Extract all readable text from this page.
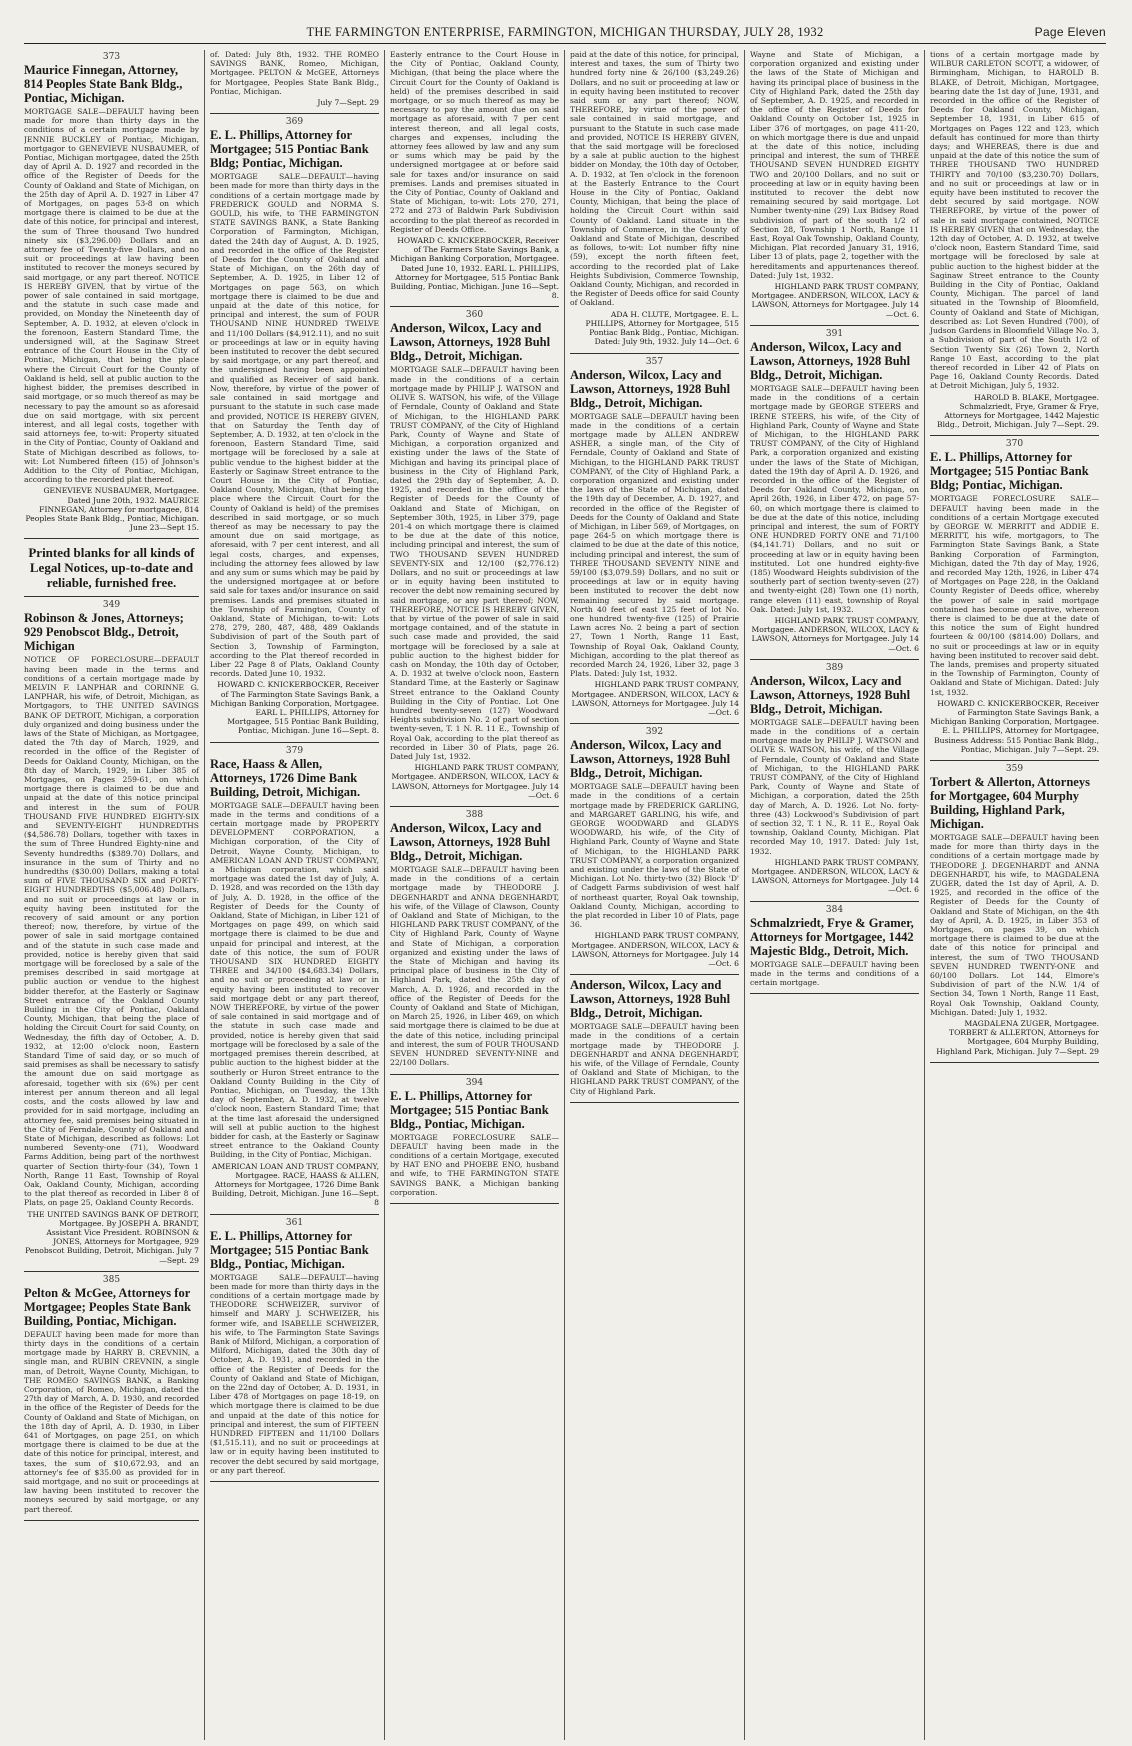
THE FARMINGTON ENTERPRISE, FARMINGTON, MICHIGAN THURSDAY, JULY 28, 1932	Page Eleven
373
Maurice Finnegan, Attorney, 814 Peoples State Bank Bldg., Pontiac, Michigan.
MORTGAGE SALE—DEFAULT having been made for more than thirty days in the conditions of a certain mortgage made by JENNIE BUCKLEY of Pontiac, Michigan, mortgagor to GENEVIEVE NUSBAUMER, of Pontiac, Michigan mortgagee, dated the 25th day of April A. D. 1927 and recorded in the office of the Register of Deeds for the County of Oakland and State of Michigan, on the 25th day of April A. D. 1927 in Liber 47 of Mortgages, on pages 53-8 on which mortgage there is claimed to be due at the date of this notice, for principal and interest, the sum of Three thousand Two hundred ninety six ($3,296.00) Dollars and an attorney fee of Twenty-five Dollars, and no suit or proceedings at law having been instituted to recover the moneys secured by said mortgage, or any part thereof. NOTICE IS HEREBY GIVEN, that by virtue of the power of sale contained in said mortgage, and the statute in such case made and provided, on Monday the Nineteenth day of September, A. D. 1932, at eleven o'clock in the forenoon, Eastern Standard Time, the undersigned will, at the Saginaw Street entrance of the Court House in the City of Pontiac, Michigan, that being the place where the Circuit Court for the County of Oakland is held, sell at public auction to the highest bidder, the premises described in said mortgage, or so much thereof as may be necessary to pay the amount so as aforesaid due on said mortgage, with six percent interest, and all legal costs, together with said attorneys fee, to-wit: Property situated in the City of Pontiac, County of Oakland and State of Michigan described as follows, to-wit: Lot Numbered fifteen (15) of Johnson's Addition to the City of Pontiac, Michigan, according to the recorded plat thereof.
GENEVIEVE NUSBAUMER, Mortgagee. Dated June 20th, 1932. MAURICE FINNEGAN, Attorney for mortgagee, 814 Peoples State Bank Bldg., Pontiac, Michigan. June 23—Sept 15.
Printed blanks for all kinds of Legal Notices, up-to-date and reliable, furnished free.
349
Robinson & Jones, Attorneys; 929 Penobscot Bldg., Detroit, Michigan
NOTICE OF FORECLOSURE—DEFAULT having been made in the terms and conditions of a certain mortgage made by MELVIN F. LANPHAR and CORINNE G. LANPHAR, his wife, of Detroit, Michigan, as Mortgagors, to THE UNITED SAVINGS BANK OF DETROIT, Michigan, a corporation duly organized and doing business under the laws of the State of Michigan, as Mortgagee, dated the 7th day of March, 1929, and recorded in the office of the Register of Deeds for Oakland County, Michigan, on the 8th day of March, 1929, in Liber 385 of Mortgages, on Pages 259-61, on which mortgage there is claimed to be due and unpaid at the date of this notice principal and interest in the sum of FOUR THOUSAND FIVE HUNDRED EIGHTY-SIX and SEVENTY-EIGHT HUNDREDTHS ($4,586.78) Dollars, together with taxes in the sum of Three Hundred Eighty-nine and Seventy hundredths ($389.70) Dollars, and insurance in the sum of Thirty and no hundredths ($30.00) Dollars, making a total sum of FIVE THOUSAND SIX and FORTY-EIGHT HUNDREDTHS ($5,006.48) Dollars, and no suit or proceedings at law or in equity having been instituted for the recovery of said amount or any portion thereof; now, therefore, by virtue of the power of sale in said mortgage contained and of the statute in such case made and provided, notice is hereby given that said mortgage will be foreclosed by a sale of the premises described in said mortgage at public auction or vendue to the highest bidder therefor, at the Easterly or Saginaw Street entrance of the Oakland County Building in the City of Pontiac, Oakland County, Michigan, that being the place of holding the Circuit Court for said County, on Wednesday, the fifth day of October, A. D. 1932, at 12:00 o'clock noon, Eastern Standard Time of said day, or so much of said premises as shall be necessary to satisfy the amount due on said mortgage as aforesaid, together with six (6%) per cent interest per annum thereon and all legal costs, and the costs allowed by law and provided for in said mortgage, including an attorney fee, said premises being situated in the City of Ferndale, County of Oakland and State of Michigan, described as follows: Lot numbered Seventy-one (71), Woodward Farms Addition, being part of the northwest quarter of Section thirty-four (34), Town 1 North, Range 11 East, Township of Royal Oak, Oakland County, Michigan, according to the plat thereof as recorded in Liber 8 of Plats, on page 25, Oakland County Records.
THE UNITED SAVINGS BANK OF DETROIT, Mortgagee. By JOSEPH A. BRANDT, Assistant Vice President. ROBINSON & JONES, Attorneys for Mortgagee, 929 Penobscot Building, Detroit, Michigan. July 7—Sept. 29
385
Pelton & McGee, Attorneys for Mortgagee; Peoples State Bank Building, Pontiac, Michigan.
DEFAULT having been made for more than thirty days in the conditions of a certain mortgage made by HARRY B. CREVNIN, a single man, and RUBIN CREVNIN, a single man, of Detroit, Wayne County, Michigan, to THE ROMEO SAVINGS BANK, a Banking Corporation, of Romeo, Michigan, dated the 27th day of March, A. D. 1930, and recorded in the office of the Register of Deeds for the County of Oakland and State of Michigan, on the 18th day of April, A. D. 1930, in Liber 641 of Mortgages, on page 251, on which mortgage there is claimed to be due at the date of this notice for principal, interest, and taxes, the sum of $10,672.93, and an attorney's fee of $35.00 as provided for in said mortgage, and no suit or proceedings at law having been instituted to recover the moneys secured by said mortgage, or any part thereof.
of. Dated: July 8th, 1932. THE ROMEO SAVINGS BANK, Romeo, Michigan, Mortgagee. PELTON & McGEE, Attorneys for Mortgagee, Peoples State Bank Bldg., Pontiac, Michigan.
July 7—Sept. 29
369
E. L. Phillips, Attorney for Mortgagee; 515 Pontiac Bank Bldg; Pontiac, Michigan.
MORTGAGE SALE—DEFAULT—having been made for more than thirty days in the conditions of a certain mortgage made by FREDERICK GOULD and NORMA S. GOULD, his wife, to THE FARMINGTON STATE SAVINGS BANK, a State Banking Corporation of Farmington, Michigan, dated the 24th day of August, A. D. 1925, and recorded in the office of the Register of Deeds for the County of Oakland and State of Michigan, on the 26th day of September, A. D. 1925, in Liber 12 of Mortgages on page 563, on which mortgage there is claimed to be due and unpaid at the date of this notice, for principal and interest, the sum of FOUR THOUSAND NINE HUNDRED TWELVE and 11/100 Dollars ($4,912.11), and no suit or proceedings at law or in equity having been instituted to recover the debt secured by said mortgage, or any part thereof, and the undersigned having been appointed and qualified as Receiver of said bank. Now, therefore, by virtue of the power of sale contained in said mortgage and pursuant to the statute in such case made and provided, NOTICE IS HEREBY GIVEN, that on Saturday the Tenth day of September, A. D. 1932, at ten o'clock in the forenoon, Eastern Standard Time, said mortgage will be foreclosed by a sale at public vendue to the highest bidder at the Easterly or Saginaw Street entrance to the Court House in the City of Pontiac, Oakland County, Michigan, (that being the place where the Circuit Court for the County of Oakland is held) of the premises described in said mortgage, or so much thereof as may be necessary to pay the amount due on said mortgage, as aforesaid, with 7 per cent interest, and all legal costs, charges, and expenses, including the attorney fees allowed by law and any sum or sums which may be paid by the undersigned mortgagee at or before said sale for taxes and/or insurance on said premises. Lands and premises situated in the Township of Farmington, County of Oakland, State of Michigan, to-wit: Lots 278, 279, 280, 487, 488, 489 Oaklands Subdivision of part of the South part of Section 3, Township of Farmington, according to the Plat thereof recorded in Liber 22 Page 8 of Plats, Oakland County records. Dated June 10, 1932.
HOWARD C. KNICKERBOCKER, Receiver of The Farmington State Savings Bank, a Michigan Banking Corporation, Mortgagee. EARL L. PHILLIPS, Attorney for Mortgagee, 515 Pontiac Bank Building, Pontiac, Michigan. June 16—Sept. 8.
379
Race, Haass & Allen, Attorneys, 1726 Dime Bank Building, Detroit, Michigan.
MORTGAGE SALE—DEFAULT having been made in the terms and conditions of a certain mortgage made by PROPERTY DEVELOPMENT CORPORATION, a Michigan corporation, of the City of Detroit, Wayne County, Michigan, to AMERICAN LOAN AND TRUST COMPANY, a Michigan corporation, which said mortgage was dated the 1st day of July, A. D. 1928, and was recorded on the 13th day of July, A. D. 1928, in the office of the Register of Deeds for the County of Oakland, State of Michigan, in Liber 121 of Mortgages on page 499, on which said mortgage there is claimed to be due and unpaid for principal and interest, at the date of this notice, the sum of FOUR THOUSAND SIX HUNDRED EIGHTY THREE and 34/100 ($4,683.34) Dollars, and no suit or proceeding at law or in equity having been instituted to recover said mortgage debt or any part thereof, NOW THEREFORE, by virtue of the power of sale contained in said mortgage and of the statute in such case made and provided, notice is hereby given that said mortgage will be foreclosed by a sale of the mortgaged premises therein described, at public auction to the highest bidder at the southerly or Huron Street entrance to the Oakland County Building in the City of Pontiac, Michigan, on Tuesday, the 13th day of September, A. D. 1932, at twelve o'clock noon, Eastern Standard Time; that at the time last aforesaid the undersigned will sell at public auction to the highest bidder for cash, at the Easterly or Saginaw street entrance to the Oakland County Building, in the City of Pontiac, Michigan.
AMERICAN LOAN AND TRUST COMPANY, Mortgagee. RACE, HAASS & ALLEN, Attorneys for Mortgagee, 1726 Dime Bank Building, Detroit, Michigan. June 16—Sept. 8
361
E. L. Phillips, Attorney for Mortgagee; 515 Pontiac Bank Bldg., Pontiac, Michigan.
MORTGAGE SALE—DEFAULT—having been made for more than thirty days in the conditions of a certain mortgage made by THEODORE SCHWEIZER, survivor of himself and MARY J. SCHWEIZER, his former wife, and ISABELLE SCHWEIZER, his wife, to The Farmington State Savings Bank of Milford, Michigan, a corporation of Milford, Michigan, dated the 30th day of October, A. D. 1931, and recorded in the office of the Register of Deeds for the County of Oakland and State of Michigan, on the 22nd day of October, A. D. 1931, in Liber 478 of Mortgages on page 18-19, on which mortgage there is claimed to be due and unpaid at the date of this notice for principal and interest, the sum of FIFTEEN HUNDRED FIFTEEN and 11/100 Dollars ($1,515.11), and no suit or proceedings at law or in equity having been instituted to recover the debt secured by said mortgage, or any part thereof.
Easterly entrance to the Court House in the City of Pontiac, Oakland County, Michigan, (that being the place where the Circuit Court for the County of Oakland is held) of the premises described in said mortgage, or so much thereof as may be necessary to pay the amount due on said mortgage as aforesaid, with 7 per cent interest thereon, and all legal costs, charges and expenses, including the attorney fees allowed by law and any sum or sums which may be paid by the undersigned mortgagee at or before said sale for taxes and/or insurance on said premises. Lands and premises situated in the City of Pontiac, County of Oakland and State of Michigan, to-wit: Lots 270, 271, 272 and 273 of Baldwin Park Subdivision according to the plat thereof as recorded in Register of Deeds Office.
HOWARD C. KNICKERBOCKER, Receiver of The Farmers State Savings Bank, a Michigan Banking Corporation, Mortgagee. Dated June 10, 1932. EARL L. PHILLIPS, Attorney for Mortgagee, 515 Pontiac Bank Building, Pontiac, Michigan. June 16—Sept. 8.
360
Anderson, Wilcox, Lacy and Lawson, Attorneys, 1928 Buhl Bldg., Detroit, Michigan.
MORTGAGE SALE—DEFAULT having been made in the conditions of a certain mortgage made by PHILIP J. WATSON and OLIVE S. WATSON, his wife, of the Village of Ferndale, County of Oakland and State of Michigan, to the HIGHLAND PARK TRUST COMPANY, of the City of Highland Park, County of Wayne and State of Michigan, a corporation organized and existing under the laws of the State of Michigan and having its principal place of business in the City of Highland Park, dated the 29th day of September, A. D. 1925, and recorded in the office of the Register of Deeds for the County of Oakland and State of Michigan, on September 30th, 1925, in Liber 379, page 201-4 on which mortgage there is claimed to be due at the date of this notice, including principal and interest, the sum of TWO THOUSAND SEVEN HUNDRED SEVENTY-SIX and 12/100 ($2,776.12) Dollars, and no suit or proceedings at law or in equity having been instituted to recover the debt now remaining secured by said mortgage, or any part thereof; NOW, THEREFORE, NOTICE IS HEREBY GIVEN, that by virtue of the power of sale in said mortgage contained, and of the statute in such case made and provided, the said mortgage will be foreclosed by a sale at public auction to the highest bidder for cash on Monday, the 10th day of October, A. D. 1932 at twelve o'clock noon, Eastern Standard Time, at the Easterly or Saginaw Street entrance to the Oakland County Building in the City of Pontiac. Lot One hundred twenty-seven (127) Woodward Heights subdivision No. 2 of part of section twenty-seven, T. 1 N. R. 11 E., Township of Royal Oak, according to the plat thereof as recorded in Liber 30 of Plats, page 26. Dated July 1st, 1932.
HIGHLAND PARK TRUST COMPANY, Mortgagee. ANDERSON, WILCOX, LACY & LAWSON, Attorneys for Mortgagee. July 14—Oct. 6
388
Anderson, Wilcox, Lacy and Lawson, Attorneys, 1928 Buhl Bldg., Detroit, Michigan.
MORTGAGE SALE—DEFAULT having been made in the conditions of a certain mortgage made by THEODORE J. DEGENHARDT and ANNA DEGENHARDT, his wife, of the Village of Clawson, County of Oakland and State of Michigan, to the HIGHLAND PARK TRUST COMPANY, of the City of Highland Park, County of Wayne and State of Michigan, a corporation organized and existing under the laws of the State of Michigan and having its principal place of business in the City of Highland Park, dated the 25th day of March, A. D. 1926, and recorded in the office of the Register of Deeds for the County of Oakland and State of Michigan, on March 25, 1926, in Liber 469, on which said mortgage there is claimed to be due at the date of this notice, including principal and interest, the sum of FOUR THOUSAND SEVEN HUNDRED SEVENTY-NINE and 22/100 Dollars.
394
E. L. Phillips, Attorney for Mortgagee; 515 Pontiac Bank Bldg., Pontiac, Michigan.
MORTGAGE FORECLOSURE SALE—DEFAULT having been made in the conditions of a certain Mortgage, executed by HAT ENO and PHOEBE ENO, husband and wife, to THE FARMINGTON STATE SAVINGS BANK, a Michigan banking corporation.
paid at the date of this notice, for principal, interest and taxes, the sum of Thirty two hundred forty nine & 26/100 ($3,249.26) Dollars, and no suit or proceeding at law or in equity having been instituted to recover said sum or any part thereof; NOW, THEREFORE, by virtue of the power of sale contained in said mortgage, and pursuant to the Statute in such case made and provided, NOTICE IS HEREBY GIVEN, that the said mortgage will be foreclosed by a sale at public auction to the highest bidder on Monday, the 10th day of October, A. D. 1932, at Ten o'clock in the forenoon at the Easterly Entrance to the Court House in the City of Pontiac, Oakland County, Michigan, that being the place of holding the Circuit Court within said County of Oakland. Land situate in the Township of Commerce, in the County of Oakland and State of Michigan, described as follows, to-wit: Lot number fifty nine (59), except the north fifteen feet, according to the recorded plat of Lake Heights Subdivision, Commerce Township, Oakland County, Michigan, and recorded in the Register of Deeds office for said County of Oakland.
ADA H. CLUTE, Mortgagee. E. L. PHILLIPS, Attorney for Mortgagee, 515 Pontiac Bank Bldg., Pontiac, Michigan. Dated: July 9th, 1932. July 14—Oct. 6
357
Anderson, Wilcox, Lacy and Lawson, Attorneys, 1928 Buhl Bldg., Detroit, Michigan.
MORTGAGE SALE—DEFAULT having been made in the conditions of a certain mortgage made by ALLEN ANDREW ASHER, a single man, of the City of Ferndale, County of Oakland and State of Michigan, to the HIGHLAND PARK TRUST COMPANY, of the City of Highland Park, a corporation organized and existing under the laws of the State of Michigan, dated the 19th day of December, A. D. 1927, and recorded in the office of the Register of Deeds for the County of Oakland and State of Michigan, in Liber 569, of Mortgages, on page 264-5 on which mortgage there is claimed to be due at the date of this notice, including principal and interest, the sum of THREE THOUSAND SEVENTY NINE and 59/100 ($3,079.59) Dollars, and no suit or proceedings at law or in equity having been instituted to recover the debt now remaining secured by said mortgage. North 40 feet of east 125 feet of lot No. one hundred twenty-five (125) of Prairie Lawn acres No. 2 being a part of section 27, Town 1 North, Range 11 East, Township of Royal Oak, Oakland County, Michigan, according to the plat thereof as recorded March 24, 1926, Liber 32, page 3 Plats. Dated: July 1st, 1932.
HIGHLAND PARK TRUST COMPANY, Mortgagee. ANDERSON, WILCOX, LACY & LAWSON, Attorneys for Mortgagee. July 14—Oct. 6
392
Anderson, Wilcox, Lacy and Lawson, Attorneys, 1928 Buhl Bldg., Detroit, Michigan.
MORTGAGE SALE—DEFAULT having been made in the conditions of a certain mortgage made by FREDERICK GARLING, and MARGARET GARLING, his wife, and GEORGE WOODWARD and GLADYS WOODWARD, his wife, of the City of Highland Park, County of Wayne and State of Michigan, to the HIGHLAND PARK TRUST COMPANY, a corporation organized and existing under the laws of the State of Michigan. Lot No. thirty-two (32) Block 'D' of Cadgett Farms subdivision of west half of northeast quarter, Royal Oak township, Oakland County, Michigan, according to the plat recorded in Liber 10 of Plats, page 36.
HIGHLAND PARK TRUST COMPANY, Mortgagee. ANDERSON, WILCOX, LACY & LAWSON, Attorneys for Mortgagee. July 14—Oct. 6
Anderson, Wilcox, Lacy and Lawson, Attorneys, 1928 Buhl Bldg., Detroit, Michigan.
MORTGAGE SALE—DEFAULT having been made in the conditions of a certain mortgage made by THEODORE J. DEGENHARDT and ANNA DEGENHARDT, his wife, of the Village of Ferndale, County of Oakland and State of Michigan, to the HIGHLAND PARK TRUST COMPANY, of the City of Highland Park.
Wayne and State of Michigan, a corporation organized and existing under the laws of the State of Michigan and having its principal place of business in the City of Highland Park, dated the 25th day of September, A. D. 1925, and recorded in the office of the Register of Deeds for Oakland County on October 1st, 1925 in Liber 376 of mortgages, on page 411-20, on which mortgage there is due and unpaid at the date of this notice, including principal and interest, the sum of THREE THOUSAND SEVEN HUNDRED EIGHTY TWO and 20/100 Dollars, and no suit or proceeding at law or in equity having been instituted to recover the debt now remaining secured by said mortgage. Lot Number twenty-nine (29) Lux Bidsey Road subdivision of part of the south 1/2 of Section 28, Township 1 North, Range 11 East, Royal Oak Township, Oakland County, Michigan. Plat recorded January 31, 1916, Liber 13 of plats, page 2, together with the hereditaments and appurtenances thereof. Dated: July 1st, 1932.
HIGHLAND PARK TRUST COMPANY, Mortgagee. ANDERSON, WILCOX, LACY & LAWSON, Attorneys for Mortgagee. July 14—Oct. 6.
391
Anderson, Wilcox, Lacy and Lawson, Attorneys, 1928 Buhl Bldg., Detroit, Michigan.
MORTGAGE SALE—DEFAULT having been made in the conditions of a certain mortgage made by GEORGE STEERS and IRENE STEERS, his wife, of the City of Highland Park, County of Wayne and State of Michigan, to the HIGHLAND PARK TRUST COMPANY, of the City of Highland Park, a corporation organized and existing under the laws of the State of Michigan, dated the 19th day of April A. D. 1926, and recorded in the office of the Register of Deeds for Oakland County, Michigan, on April 26th, 1926, in Liber 472, on page 57-60, on which mortgage there is claimed to be due at the date of this notice, including principal and interest, the sum of FORTY ONE HUNDRED FORTY ONE and 71/100 ($4,141.71) Dollars, and no suit or proceeding at law or in equity having been instituted. Lot one hundred eighty-five (185) Woodward Heights subdivision of the southerly part of section twenty-seven (27) and twenty-eight (28) Town one (1) north, range eleven (11) east, township of Royal Oak. Dated: July 1st, 1932.
HIGHLAND PARK TRUST COMPANY, Mortgagee. ANDERSON, WILCOX, LACY & LAWSON, Attorneys for Mortgagee. July 14—Oct. 6
389
Anderson, Wilcox, Lacy and Lawson, Attorneys, 1928 Buhl Bldg., Detroit, Michigan.
MORTGAGE SALE—DEFAULT having been made in the conditions of a certain mortgage made by PHILIP J. WATSON and OLIVE S. WATSON, his wife, of the Village of Ferndale, County of Oakland and State of Michigan, to the HIGHLAND PARK TRUST COMPANY, of the City of Highland Park, County of Wayne and State of Michigan, a corporation, dated the 25th day of March, A. D. 1926. Lot No. forty-three (43) Lockwood's Subdivision of part of section 32, T. 1 N., R. 11 E., Royal Oak township, Oakland County, Michigan. Plat recorded May 10, 1917. Dated: July 1st, 1932.
HIGHLAND PARK TRUST COMPANY, Mortgagee. ANDERSON, WILCOX, LACY & LAWSON, Attorneys for Mortgagee. July 14—Oct. 6
384
Schmalzriedt, Frye & Gramer, Attorneys for Mortgagee, 1442 Majestic Bldg., Detroit, Mich.
MORTGAGE SALE—DEFAULT having been made in the terms and conditions of a certain mortgage.
tions of a certain mortgage made by WILBUR CARLETON SCOTT, a widower, of Birmingham, Michigan, to HAROLD B. BLAKE, of Detroit, Michigan, Mortgagee, bearing date the 1st day of June, 1931, and recorded in the office of the Register of Deeds for Oakland County, Michigan, September 18, 1931, in Liber 615 of Mortgages on Pages 122 and 123, which default has continued for more than thirty days; and WHEREAS, there is due and unpaid at the date of this notice the sum of THREE THOUSAND TWO HUNDRED THIRTY and 70/100 ($3,230.70) Dollars, and no suit or proceedings at law or in equity have been instituted to recover the debt secured by said mortgage. NOW THEREFORE, by virtue of the power of sale in said mortgage contained, NOTICE IS HEREBY GIVEN that on Wednesday, the 12th day of October, A. D. 1932, at twelve o'clock noon, Eastern Standard Time, said mortgage will be foreclosed by sale at public auction to the highest bidder at the Saginaw Street entrance to the County Building in the City of Pontiac, Oakland County, Michigan. The parcel of land situated in the Township of Bloomfield, County of Oakland and State of Michigan, described as: Lot Seven Hundred (700), of Judson Gardens in Bloomfield Village No. 3, a Subdivision of part of the South 1/2 of Section Twenty Six (26) Town 2, North Range 10 East, according to the plat thereof recorded in Liber 42 of Plats on Page 16, Oakland County Records. Dated at Detroit Michigan, July 5, 1932.
HAROLD B. BLAKE, Mortgagee. Schmalzriedt, Frye, Gramer & Frye, Attorneys for Mortgagee, 1442 Majestic Bldg., Detroit, Michigan. July 7—Sept. 29.
370
E. L. Phillips, Attorney for Mortgagee; 515 Pontiac Bank Bldg; Pontiac, Michigan.
MORTGAGE FORECLOSURE SALE—DEFAULT having been made in the conditions of a certain Mortgage executed by GEORGE W. MERRITT and ADDIE E. MERRITT, his wife, mortgagors, to The Farmington State Savings Bank, a State Banking Corporation of Farmington, Michigan, dated the 7th day of May, 1926, and recorded May 12th, 1926, in Liber 474 of Mortgages on Page 228, in the Oakland County Register of Deeds office, whereby the power of sale in said mortgage contained has become operative, whereon there is claimed to be due at the date of this notice the sum of Eight hundred fourteen & 00/100 ($814.00) Dollars, and no suit or proceedings at law or in equity having been instituted to recover said debt. The lands, premises and property situated in the Township of Farmington, County of Oakland and State of Michigan. Dated: July 1st, 1932.
HOWARD C. KNICKERBOCKER, Receiver of Farmington State Savings Bank, a Michigan Banking Corporation, Mortgagee. E. L. PHILLIPS, Attorney for Mortgagee, Business Address: 515 Pontiac Bank Bldg., Pontiac, Michigan. July 7—Sept. 29.
359
Torbert & Allerton, Attorneys for Mortgagee, 604 Murphy Building, Highland Park, Michigan.
MORTGAGE SALE—DEFAULT having been made for more than thirty days in the conditions of a certain mortgage made by THEODORE J. DEGENHARDT and ANNA DEGENHARDT, his wife, to MAGDALENA ZUGER, dated the 1st day of April, A. D. 1925, and recorded in the office of the Register of Deeds for the County of Oakland and State of Michigan, on the 4th day of April, A. D. 1925, in Liber 353 of Mortgages, on pages 39, on which mortgage there is claimed to be due at the date of this notice for principal and interest, the sum of TWO THOUSAND SEVEN HUNDRED TWENTY-ONE and 60/100 Dollars. Lot 144, Elmore's Subdivision of part of the N.W. 1/4 of Section 34, Town 1 North, Range 11 East, Royal Oak Township, Oakland County, Michigan. Dated: July 1, 1932.
MAGDALENA ZUGER, Mortgagee. TORBERT & ALLERTON, Attorneys for Mortgagee, 604 Murphy Building, Highland Park, Michigan. July 7—Sept. 29
